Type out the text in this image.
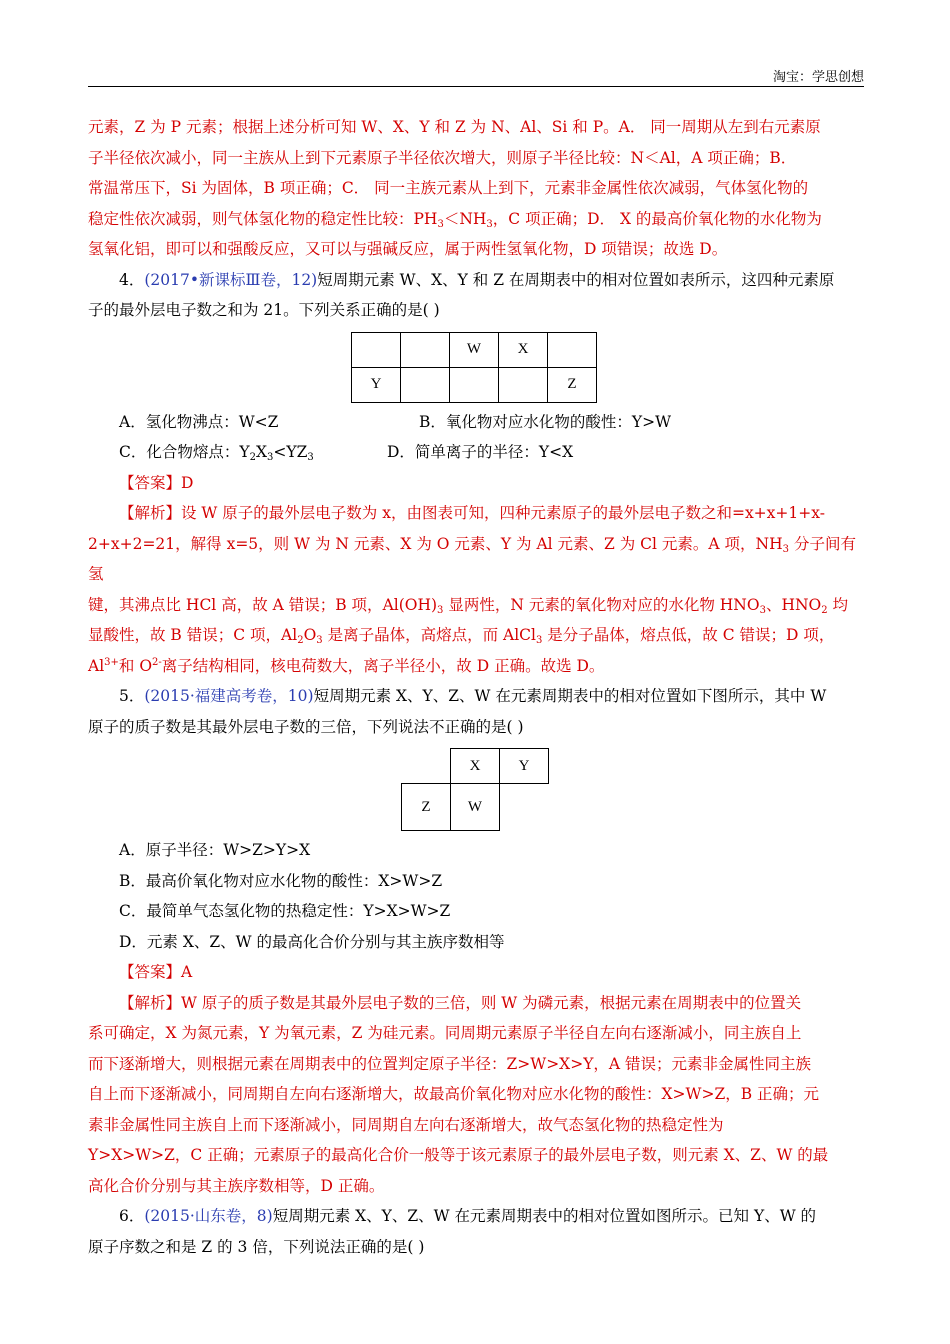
淘宝：学思创想

元素，Z 为 P 元素；根据上述分析可知 W、X、Y 和 Z 为 N、Al、Si 和 P。A． 同一周期从左到右元素原

子半径依次减小，同一主族从上到下元素原子半径依次增大，则原子半径比较：N＜Al，A 项正确；B．

常温常压下，Si 为固体，B 项正确；C． 同一主族元素从上到下，元素非金属性依次减弱，气体氢化物的

稳定性依次减弱，则气体氢化物的稳定性比较：$PH_3<NH_3$，C 项正确；D． X 的最高价氧化物的水化物为

氢氧化铝，即可以和强酸反应，又可以与强碱反应，属于两性氢氧化物，D 项错误；故选 D。

4．(2017•新课标Ⅲ卷，12)短周期元素 W、X、Y 和 Z 在周期表中的相对位置如表所示，这四种元素原

子的最外层电子数之和为 21。下列关系正确的是( )

		W	X	
Y				Z
A．氢化物沸点：W<Z	B．氧化物对应水化物的酸性：Y>W
C．化合物熔点：$Y_2X_3<YZ_3$	D．简单离子的半径：Y<X

【答案】D

【解析】设 W 原子的最外层电子数为 x，由图表可知，四种元素原子的最外层电子数之和=x+x+1+x-

2+x+2=21，解得 x=5，则 W 为 N 元素、X 为 O 元素、Y 为 Al 元素、Z 为 Cl 元素。A 项，$NH_3$ 分子间有氢

键，其沸点比 HCl 高，故 A 错误；B 项，$Al(OH)_3$ 显两性，N 元素的氧化物对应的水化物 $HNO_3$、$HNO_2$ 均

显酸性，故 B 错误；C 项，$Al_2O_3$ 是离子晶体，高熔点，而 AlCl$_3$ 是分子晶体，熔点低，故 C 错误；D 项，

$Al^{3+}$和 $O^{2-}$离子结构相同，核电荷数大，离子半径小，故 D 正确。故选 D。

5．(2015·福建高考卷，10)短周期元素 X、Y、Z、W 在元素周期表中的相对位置如下图所示，其中 W

原子的质子数是其最外层电子数的三倍，下列说法不正确的是( )

	X	Y
Z	W	

A．原子半径：W>Z>Y>X

B．最高价氧化物对应水化物的酸性：X>W>Z

C．最简单气态氢化物的热稳定性：Y>X>W>Z

D．元素 X、Z、W 的最高化合价分别与其主族序数相等

【答案】A

【解析】W 原子的质子数是其最外层电子数的三倍，则 W 为磷元素，根据元素在周期表中的位置关

系可确定，X 为氮元素，Y 为氧元素，Z 为硅元素。同周期元素原子半径自左向右逐渐减小，同主族自上

而下逐渐增大，则根据元素在周期表中的位置判定原子半径：Z>W>X>Y，A 错误；元素非金属性同主族

自上而下逐渐减小，同周期自左向右逐渐增大，故最高价氧化物对应水化物的酸性：X>W>Z，B 正确；元

素非金属性同主族自上而下逐渐减小，同周期自左向右逐渐增大，故气态氢化物的热稳定性为

Y>X>W>Z，C 正确；元素原子的最高化合价一般等于该元素原子的最外层电子数，则元素 X、Z、W 的最

高化合价分别与其主族序数相等，D 正确。

6．(2015·山东卷，8)短周期元素 X、Y、Z、W 在元素周期表中的相对位置如图所示。已知 Y、W 的

原子序数之和是 Z 的 3 倍，下列说法正确的是( )
